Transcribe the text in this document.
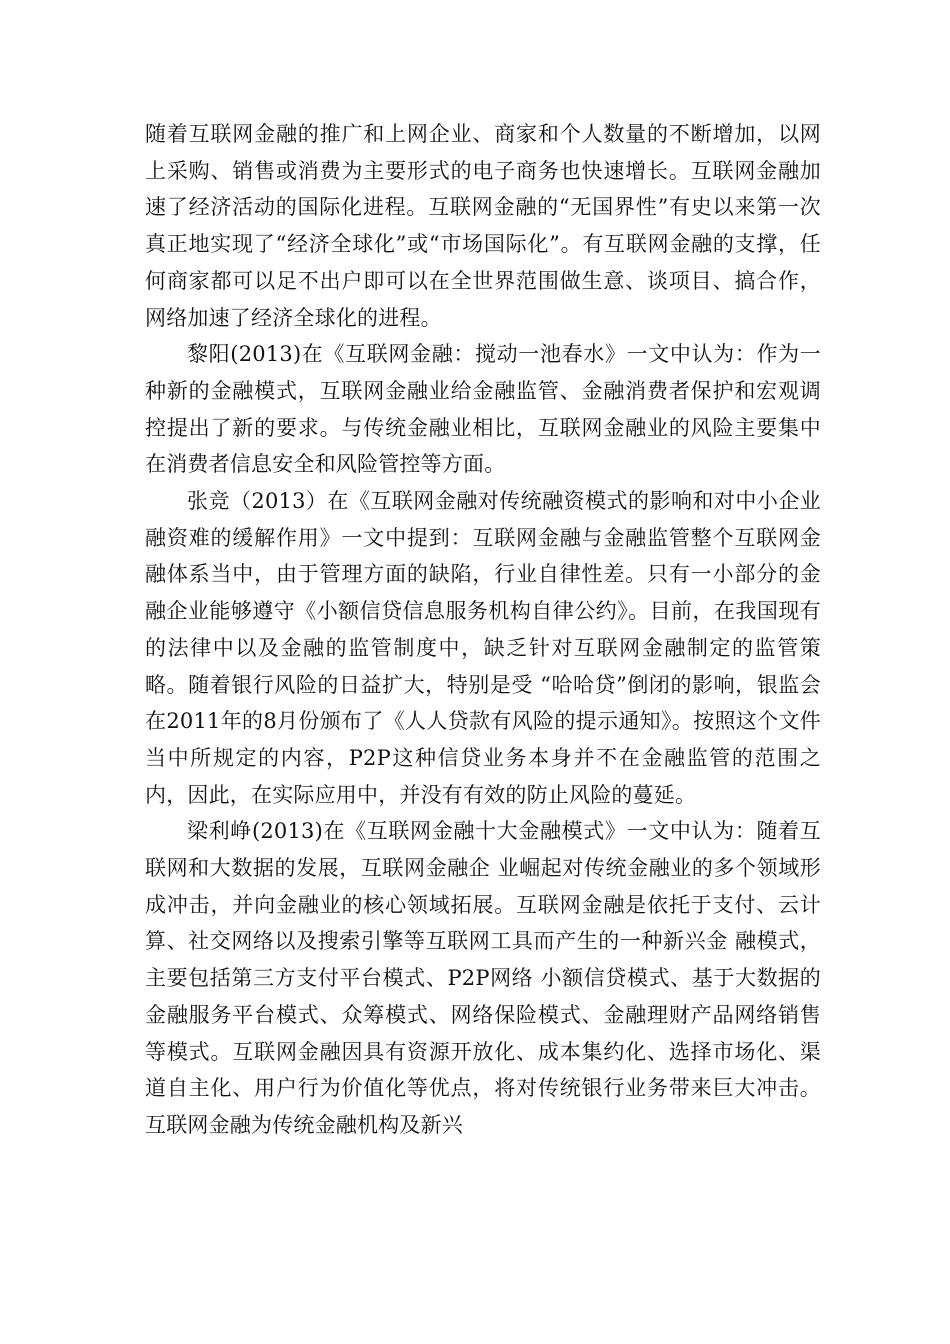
随着互联网金融的推广和上网企业、商家和个人数量的不断增加，以网上采购、销售或消费为主要形式的电子商务也快速增长。互联网金融加速了经济活动的国际化进程。互联网金融的“无国界性”有史以来第一次真正地实现了“经济全球化”或“市场国际化”。有互联网金融的支撑，任何商家都可以足不出户即可以在全世界范围做生意、谈项目、搞合作，网络加速了经济全球化的进程。

黎阳(2013)在《互联网金融：搅动一池春水》一文中认为：作为一种新的金融模式，互联网金融业给金融监管、金融消费者保护和宏观调控提出了新的要求。与传统金融业相比，互联网金融业的风险主要集中在消费者信息安全和风险管控等方面。

张竞（2013）在《互联网金融对传统融资模式的影响和对中小企业融资难的缓解作用》一文中提到：互联网金融与金融监管整个互联网金融体系当中，由于管理方面的缺陷，行业自律性差。只有一小部分的金融企业能够遵守《小额信贷信息服务机构自律公约》。目前，在我国现有的法律中以及金融的监管制度中，缺乏针对互联网金融制定的监管策略。随着银行风险的日益扩大，特别是受 “哈哈贷”倒闭的影响，银监会在2011年的8月份颁布了《人人贷款有风险的提示通知》。按照这个文件当中所规定的内容，P2P这种信贷业务本身并不在金融监管的范围之内，因此，在实际应用中，并没有有效的防止风险的蔓延。

梁利峥(2013)在《互联网金融十大金融模式》一文中认为：随着互联网和大数据的发展，互联网金融企 业崛起对传统金融业的多个领域形成冲击，并向金融业的核心领域拓展。互联网金融是依托于支付、云计算、社交网络以及搜索引擎等互联网工具而产生的一种新兴金 融模式，主要包括第三方支付平台模式、P2P网络 小额信贷模式、基于大数据的金融服务平台模式、众筹模式、网络保险模式、金融理财产品网络销售等模式。互联网金融因具有资源开放化、成本集约化、选择市场化、渠道自主化、用户行为价值化等优点，将对传统银行业务带来巨大冲击。互联网金融为传统金融机构及新兴
